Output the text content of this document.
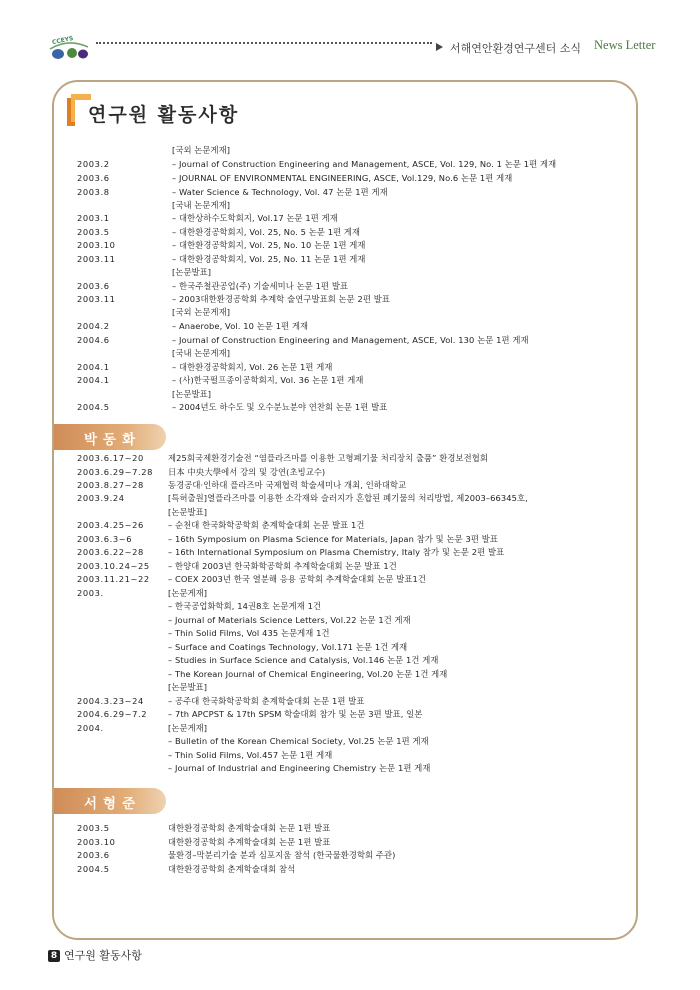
CCEYS
서해연안환경연구센터 소식 News Letter
연구원 활동사항
[국외 논문게재]
2003.2	– Journal of Construction Engineering and Management, ASCE, Vol. 129, No. 1 논문 1편 게재
2003.6	– JOURNAL OF ENVIRONMENTAL ENGINEERING, ASCE, Vol.129, No.6 논문 1편 게재
2003.8	– Water Science & Technology, Vol. 47 논문 1편 게재
[국내 논문게재]
2003.1	– 대한상하수도학회지, Vol.17 논문 1편 게재
2003.5	– 대한환경공학회지, Vol. 25, No. 5 논문 1편 게재
2003.10	– 대한환경공학회지, Vol. 25, No. 10 논문 1편 게재
2003.11	– 대한환경공학회지, Vol. 25, No. 11 논문 1편 게재
[논문발표]
2003.6	– 한국주철관공업(주) 기술세미나 논문 1편 발표
2003.11	– 2003대한환경공학회 추계학 술연구발표회 논문 2편 발표
[국외 논문게재]
2004.2	– Anaerobe, Vol. 10 논문 1편 게재
2004.6	– Journal of Construction Engineering and Management, ASCE, Vol. 130 논문 1편 게재
[국내 논문게재]
2004.1	– 대한환경공학회지, Vol. 26 논문 1편 게재
2004.1	– (사)한국펄프종이공학회지, Vol. 36 논문 1편 게재
[논문발표]
2004.5	– 2004년도 하수도 및 오수분뇨분야 연찬회 논문 1편 발표
박동화
2003.6.17~20	제25회국제환경기술전 “염플라즈마를 이용한 고형폐기물 처리장치 출품” 환경보전협회
2003.6.29~7.28 日本 中央大學에서 강의 및 강연(초빙교수)
2003.8.27~28	동경공대·인하대 플라즈마 국제협력 학술세미나 개최, 인하대학교
2003.9.24	[특허출원]열플라즈마를 이용한 소각재와 슬러지가 혼합된 폐기물의 처리방법, 제2003–66345호,
[논문발표]
2003.4.25~26	– 순천대 한국화학공학회 춘계학술대회 논문 발표 1건
2003.6.3~6	– 16th Symposium on Plasma Science for Materials, Japan 참가 및 논문 3편 발표
2003.6.22~28	– 16th International Symposium on Plasma Chemistry, Italy 참가 및 논문 2편 발표
2003.10.24~25 – 한양대 2003년 한국화학공학회 추계학술대회 논문 발표 1건
2003.11.21~22 – COEX 2003년 한국 열분해 응용 공학회 추계학술대회 논문 발표1건
2003.	[논문게재]
– 한국공업화학회, 14권8호 논문게재 1건
– Journal of Materials Science Letters, Vol.22 논문 1건 게재
– Thin Solid Films, Vol 435 논문게재 1건
– Surface and Coatings Technology, Vol.171 논문 1건 게재
– Studies in Surface Science and Catalysis, Vol.146 논문 1건 게재
– The Korean Journal of Chemical Engineering, Vol.20 논문 1건 게재
[논문발표]
2004.3.23~24	– 공주대 한국화학공학회 춘계학술대회 논문 1편 발표
2004.6.29~7.2	– 7th APCPST & 17th SPSM 학술대회 참가 및 논문 3편 발표, 일본
2004.	[논문게재]
– Bulletin of the Korean Chemical Society, Vol.25 논문 1편 게재
– Thin Solid Films, Vol.457 논문 1편 게재
– Journal of Industrial and Engineering Chemistry 논문 1편 게재
서형준
2003.5	대한환경공학회 춘계학술대회 논문 1편 발표
2003.10	대한환경공학회 추계학술대회 논문 1편 발표
2003.6	물환경–막분리기술 분과 심포지움 참석 (한국물환경학회 주관)
2004.5	대한환경공학회 춘계학술대회 참석
8 연구원 활동사항
